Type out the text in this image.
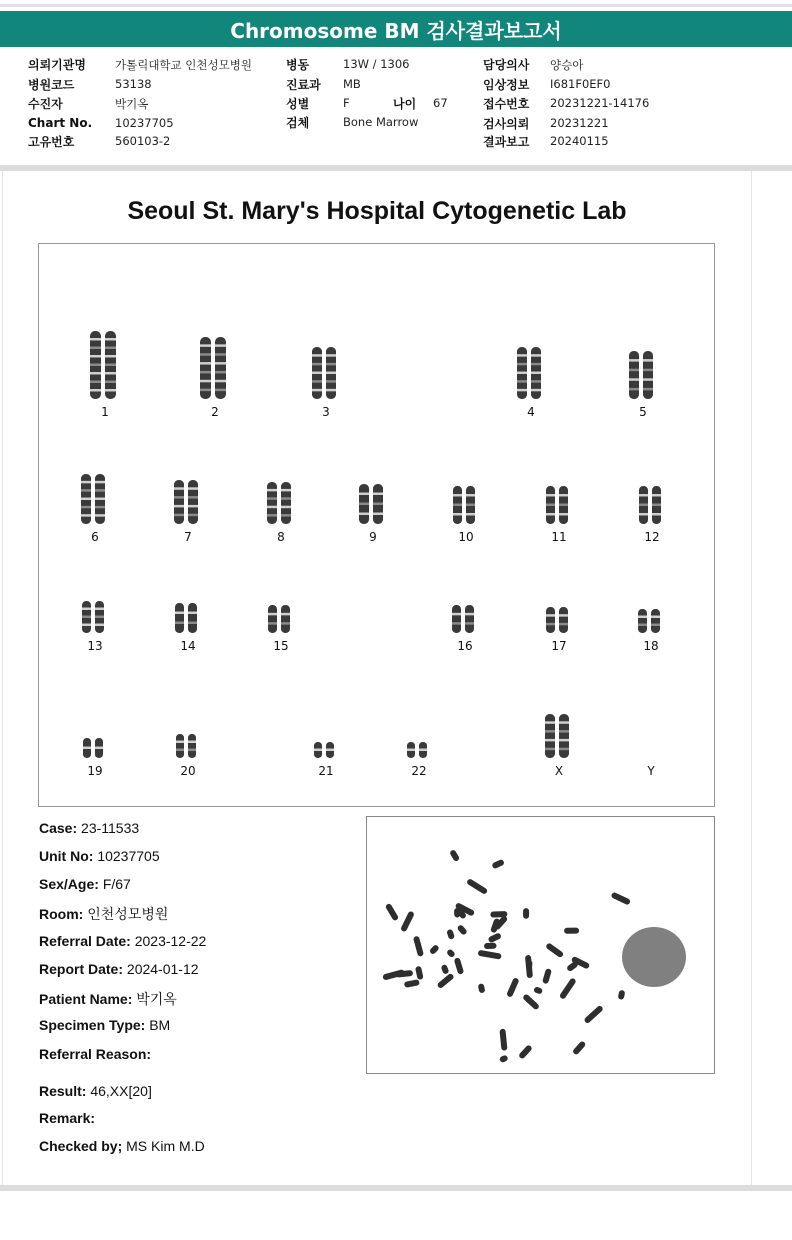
Chromosome BM 검사결과보고서
의뢰기관명	가톨릭대학교 인천성모병원
병원코드	53138
수진자	박기옥
Chart No. 10237705
고유번호	560103-2
병동	13W / 1306
진료과 MB
성별	F	나이 67
검체	Bone Marrow
담당의사 양승아
임상정보 I681F0EF0
접수번호 20231221-14176
검사의뢰 20231221
결과보고 20240115
Seoul St. Mary's Hospital Cytogenetic Lab
1	2	3	4	5
6	7	8	9	10	11	12
13	14	15	16	17	18
19	20	21	22	X	Y
Case: 23-11533
Unit No: 10237705
Sex/Age: F/67
Room: 인천성모병원
Referral Date: 2023-12-22
Report Date: 2024-01-12
Patient Name: 박기옥
Specimen Type: BM
Referral Reason:
Result: 46,XX[20]
Remark:
Checked by; MS Kim M.D
